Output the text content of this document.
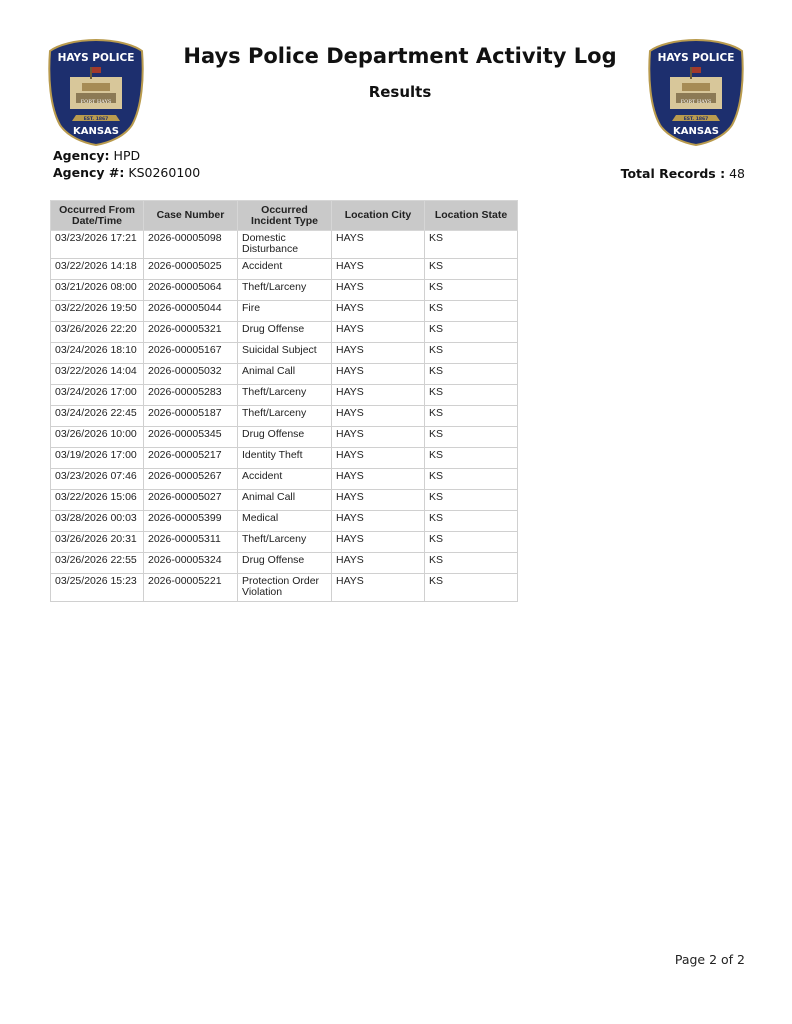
HAYS POLICE
FORT HAYS
EST. 1867
KANSAS
HAYS POLICE
FORT HAYS
EST. 1867
KANSAS
Hays Police Department Activity Log
Results
Agency: HPD
Agency #: KS0260100	Total Records : 48
Occurred From Date/Time	Case Number	Occurred Incident Type	Location City	Location State
03/23/2026 17:21	2026-00005098	Domestic Disturbance	HAYS	KS
03/22/2026 14:18	2026-00005025	Accident	HAYS	KS
03/21/2026 08:00	2026-00005064	Theft/Larceny	HAYS	KS
03/22/2026 19:50	2026-00005044	Fire	HAYS	KS
03/26/2026 22:20	2026-00005321	Drug Offense	HAYS	KS
03/24/2026 18:10	2026-00005167	Suicidal Subject	HAYS	KS
03/22/2026 14:04	2026-00005032	Animal Call	HAYS	KS
03/24/2026 17:00	2026-00005283	Theft/Larceny	HAYS	KS
03/24/2026 22:45	2026-00005187	Theft/Larceny	HAYS	KS
03/26/2026 10:00	2026-00005345	Drug Offense	HAYS	KS
03/19/2026 17:00	2026-00005217	Identity Theft	HAYS	KS
03/23/2026 07:46	2026-00005267	Accident	HAYS	KS
03/22/2026 15:06	2026-00005027	Animal Call	HAYS	KS
03/28/2026 00:03	2026-00005399	Medical	HAYS	KS
03/26/2026 20:31	2026-00005311	Theft/Larceny	HAYS	KS
03/26/2026 22:55	2026-00005324	Drug Offense	HAYS	KS
03/25/2026 15:23	2026-00005221	Protection Order Violation	HAYS	KS
Page 2 of 2
